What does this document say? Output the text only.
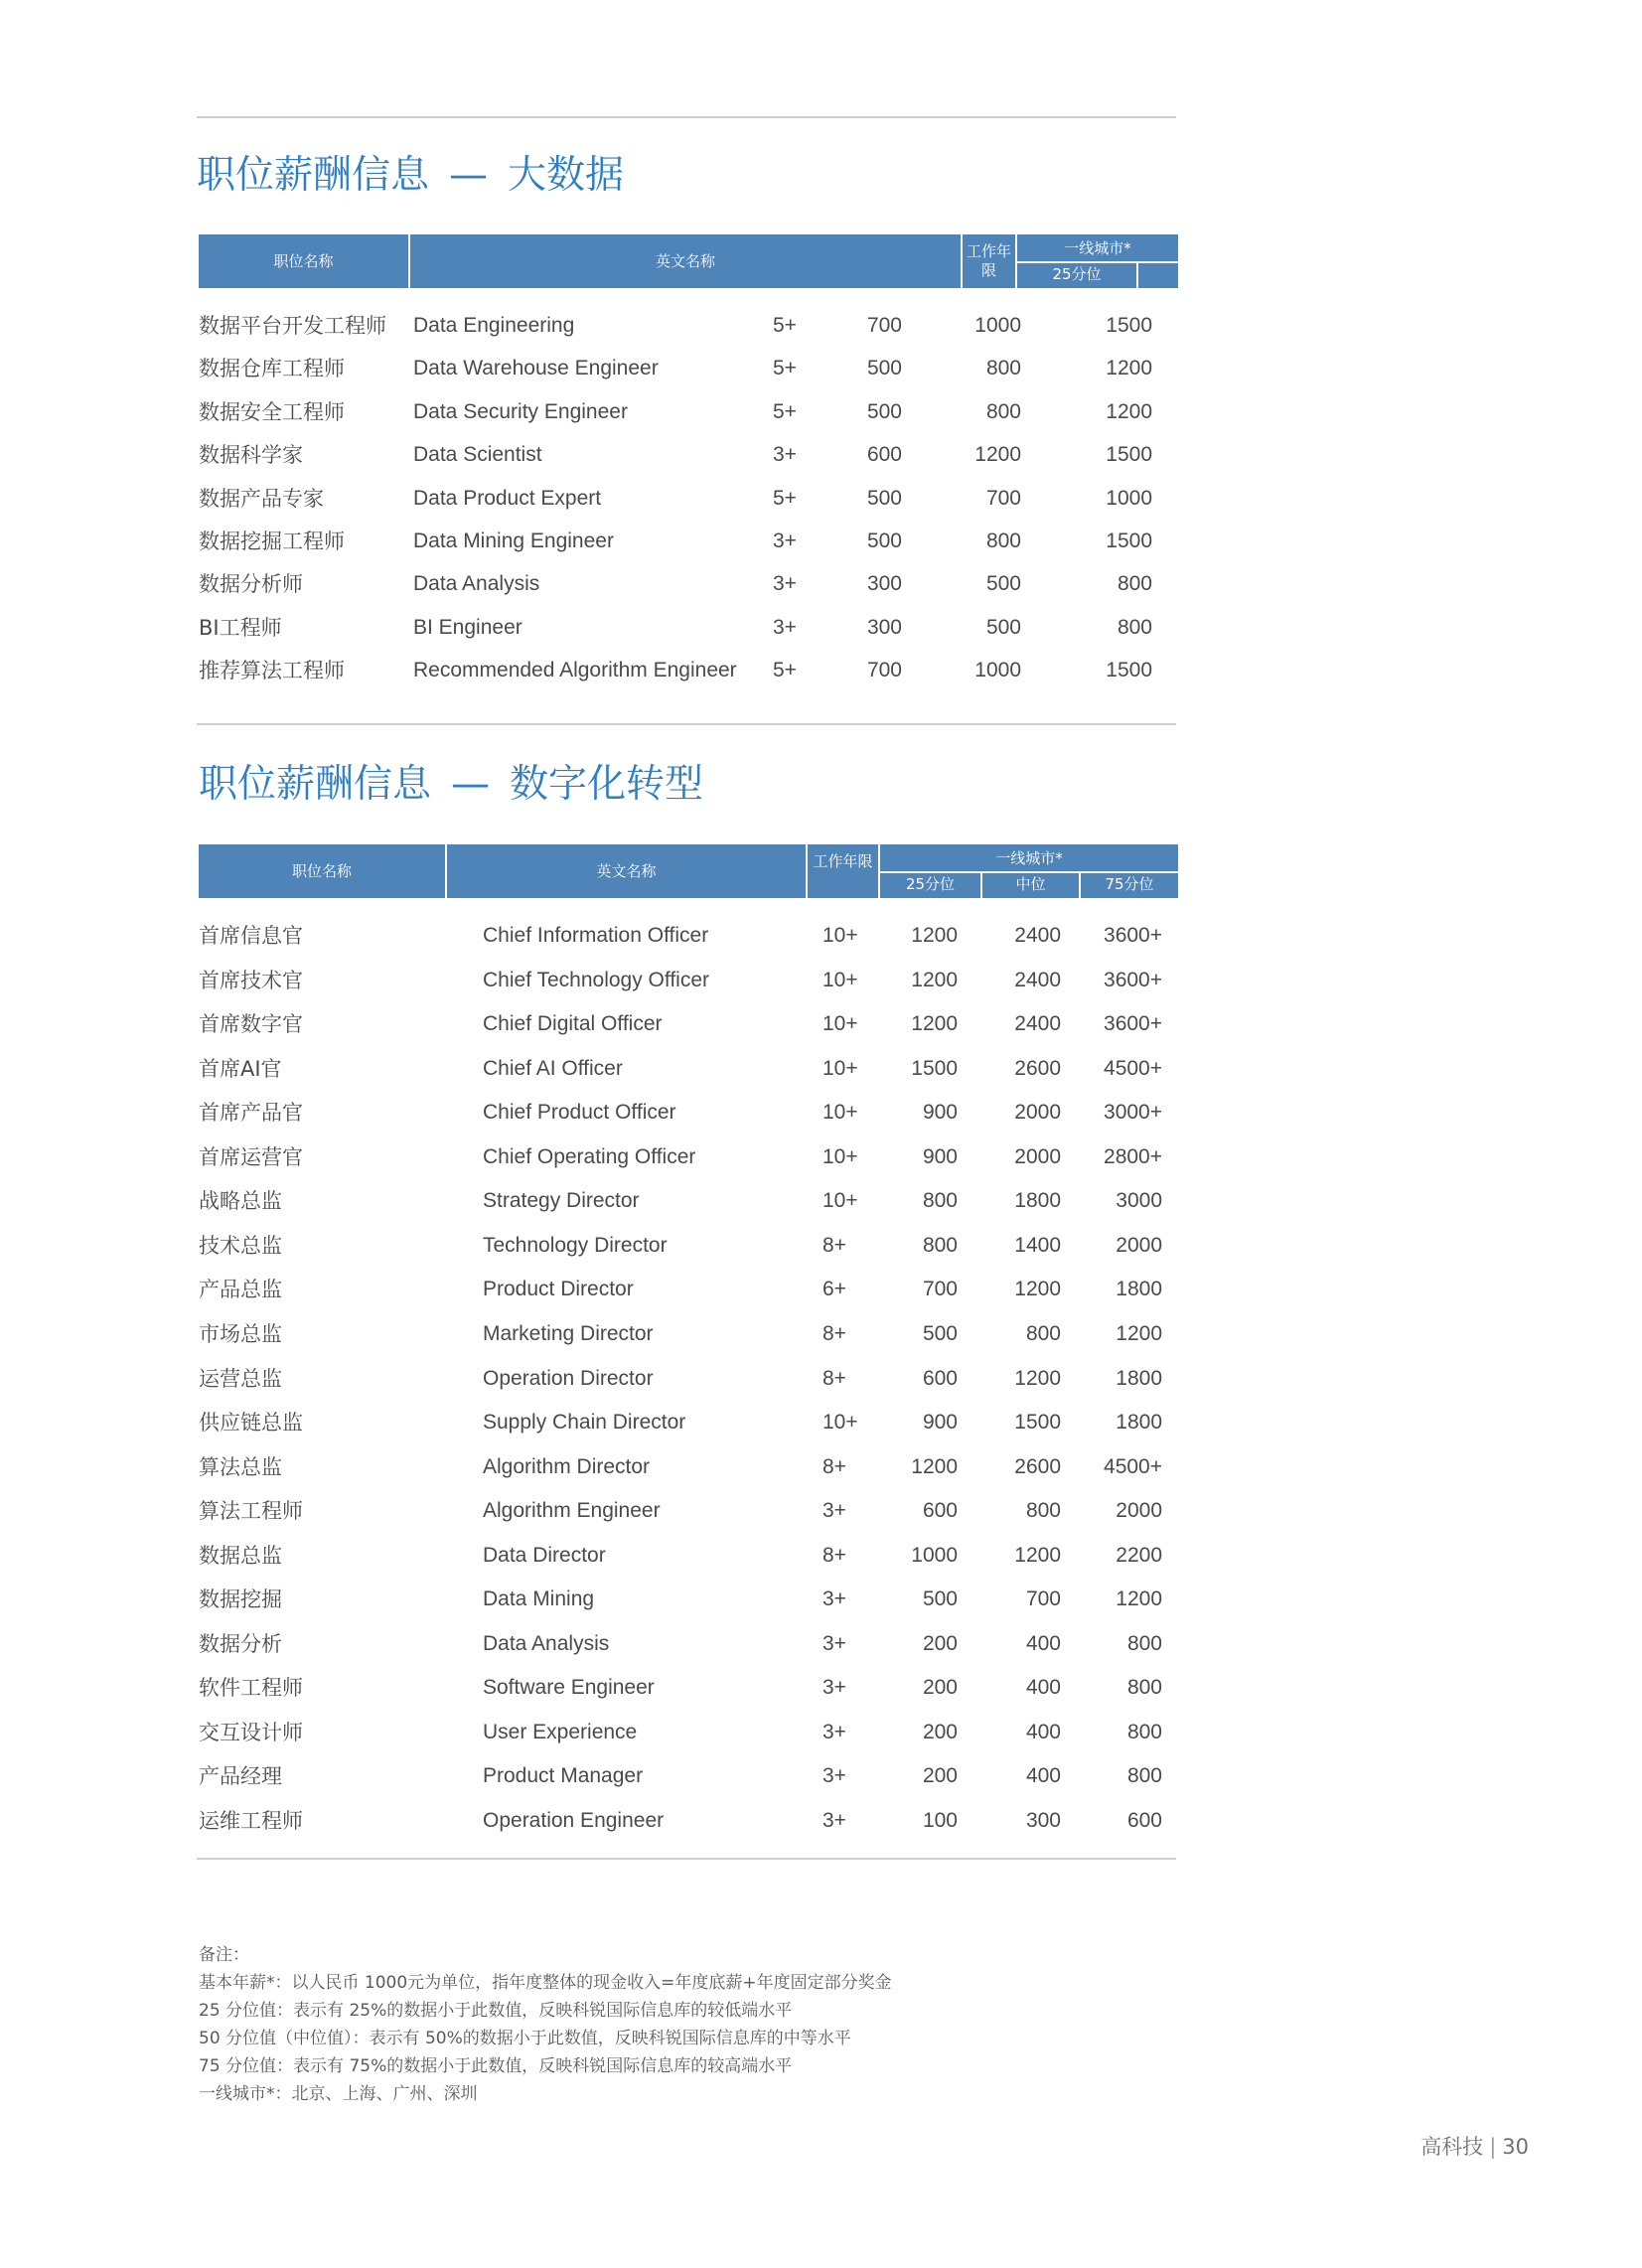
职位薪酬信息 — 大数据
职位名称	英文名称
工作年限
一线城市*
25分位	中位	75分位
数据平台开发工程师	Data Engineering	5+	700	1000	1500
数据仓库工程师	Data Warehouse Engineer	5+	500	800	1200
数据安全工程师	Data Security Engineer	5+	500	800	1200
数据科学家	Data Scientist	3+	600	1200	1500
数据产品专家	Data Product Expert	5+	500	700	1000
数据挖掘工程师	Data Mining Engineer	3+	500	800	1500
数据分析师	Data Analysis	3+	300	500	800
BI工程师	BI Engineer	3+	300	500	800
推荐算法工程师	Recommended Algorithm Engineer	5+	700	1000	1500
职位薪酬信息 — 数字化转型
职位名称	英文名称
工作年限	一线城市*
25分位	中位	75分位
首席信息官	Chief Information Officer	10+	1200	2400	3600+
首席技术官	Chief Technology Officer	10+	1200	2400	3600+
首席数字官	Chief Digital Officer	10+	1200	2400	3600+
首席AI官	Chief AI Officer	10+	1500	2600	4500+
首席产品官	Chief Product Officer	10+	900	2000	3000+
首席运营官	Chief Operating Officer	10+	900	2000	2800+
战略总监	Strategy Director	10+	800	1800	3000
技术总监	Technology Director	8+	800	1400	2000
产品总监	Product Director	6+	700	1200	1800
市场总监	Marketing Director	8+	500	800	1200
运营总监	Operation Director	8+	600	1200	1800
供应链总监	Supply Chain Director	10+	900	1500	1800
算法总监	Algorithm Director	8+	1200	2600	4500+
算法工程师	Algorithm Engineer	3+	600	800	2000
数据总监	Data Director	8+	1000	1200	2200
数据挖掘	Data Mining	3+	500	700	1200
数据分析	Data Analysis	3+	200	400	800
软件工程师	Software Engineer	3+	200	400	800
交互设计师	User Experience	3+	200	400	800
产品经理	Product Manager	3+	200	400	800
运维工程师	Operation Engineer	3+	100	300	600
备注：
基本年薪*：以人民币 1000元为单位，指年度整体的现金收入=年度底薪+年度固定部分奖金
25 分位值：表示有 25%的数据小于此数值，反映科锐国际信息库的较低端水平
50 分位值（中位值）：表示有 50%的数据小于此数值，反映科锐国际信息库的中等水平
75 分位值：表示有 75%的数据小于此数值，反映科锐国际信息库的较高端水平
一线城市*：北京、上海、广州、深圳
高科技 | 30
